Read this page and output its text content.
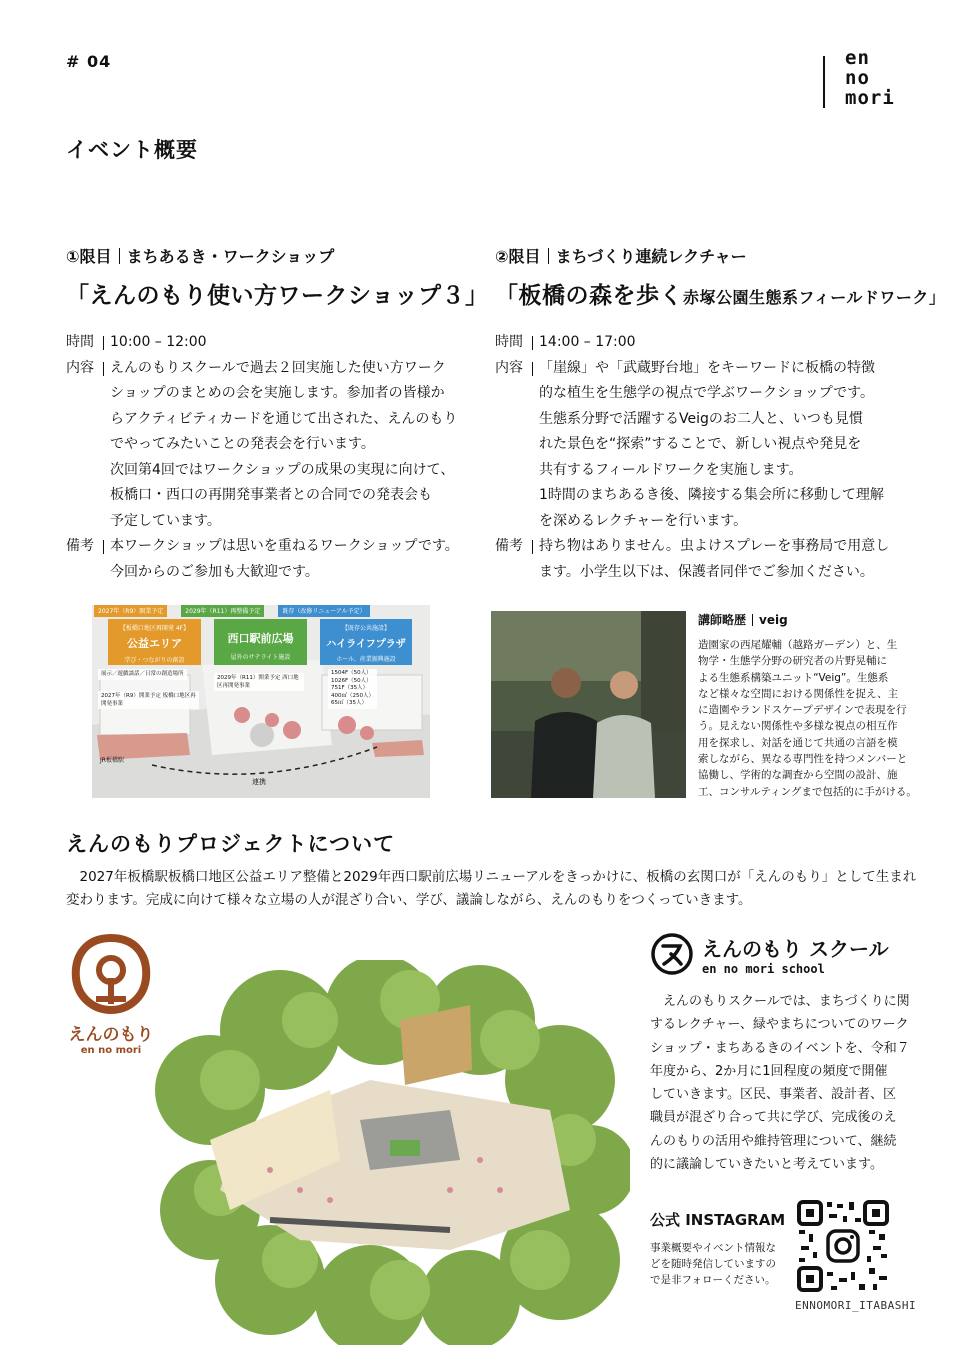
# 04	en
no
mori
イベント概要
①限目 まちあるき・ワークショップ
「えんのもり使い方ワークショップ３」
時間	10:00 – 12:00
内容	えんのもりスクールで過去２回実施した使い方ワーク
ショップのまとめの会を実施します。参加者の皆様か
らアクティビティカードを通じて出された、えんのもり
でやってみたいことの発表会を行います。
次回第4回ではワークショップの成果の実現に向けて、
板橋口・西口の再開発事業者との合同での発表会も
予定しています。
備考	本ワークショップは思いを重ねるワークショップです。
今回からのご参加も大歓迎です。
②限目 まちづくり連続レクチャー
「板橋の森を歩く赤塚公園生態系フィールドワーク」
時間	14:00 – 17:00
内容	「崖線」や「武蔵野台地」をキーワードに板橋の特徴
的な植生を生態学の視点で学ぶワークショップです。
生態系分野で活躍するVeigのお二人と、いつも見慣
れた景色を“探索”することで、新しい視点や発見を
共有するフィールドワークを実施します。
1時間のまちあるき後、隣接する集会所に移動して理解
を深めるレクチャーを行います。
備考	持ち物はありません。虫よけスプレーを事務局で用意し
ます。小学生以下は、保護者同伴でご参加ください。
2027年（R9）開業予定	2029年（R11）再整備予定	既存（改修リニューアル予定）
【板橋口地区再開発 4F】
公益エリア
学び・つながりの創設
西口駅前広場
屋外のサテライト施設
【既存公共施設】
ハイライフプラザ
ホール、産業振興施設
展示／遊戯談話／日常の創造場所
2029年（R11）開業予定 西口地区再開発事業
2027年（R9）開業予定 板橋口地区再開発事業
1504F（50人）
1026F（50人）
751F（35人）
400㎡（250人）
65㎡（35人）
JR板橋駅
連携
講師略歴 veig
造園家の西尾耀輔（越路ガーデン）と、生
物学・生態学分野の研究者の片野晃輔に
よる生態系構築ユニット“Veig”。生態系
など様々な空間における関係性を捉え、主
に造園やランドスケープデザインで表現を行
う。見えない関係性や多様な視点の相互作
用を探求し、対話を通じて共通の言語を模
索しながら、異なる専門性を持つメンバーと
協働し、学術的な調査から空間の設計、施
工、コンサルティングまで包括的に手がける。
えんのもりプロジェクトについて
　2027年板橋駅板橋口地区公益エリア整備と2029年西口駅前広場リニューアルをきっかけに、板橋の玄関口が「えんのもり」として生まれ
変わります。完成に向けて様々な立場の人が混ざり合い、学び、議論しながら、えんのもりをつくっていきます。
えんのもり
en no mori
えんのもり スクール
en no mori school
　えんのもりスクールでは、まちづくりに関
するレクチャー、緑やまちについてのワーク
ショップ・まちあるきのイベントを、令和７
年度から、2か月に1回程度の頻度で開催
していきます。区民、事業者、設計者、区
職員が混ざり合って共に学び、完成後のえ
んのもりの活用や維持管理について、継続
的に議論していきたいと考えています。
公式 INSTAGRAM
事業概要やイベント情報な
どを随時発信していますの
で是非フォローください。
ENNOMORI_ITABASHI
